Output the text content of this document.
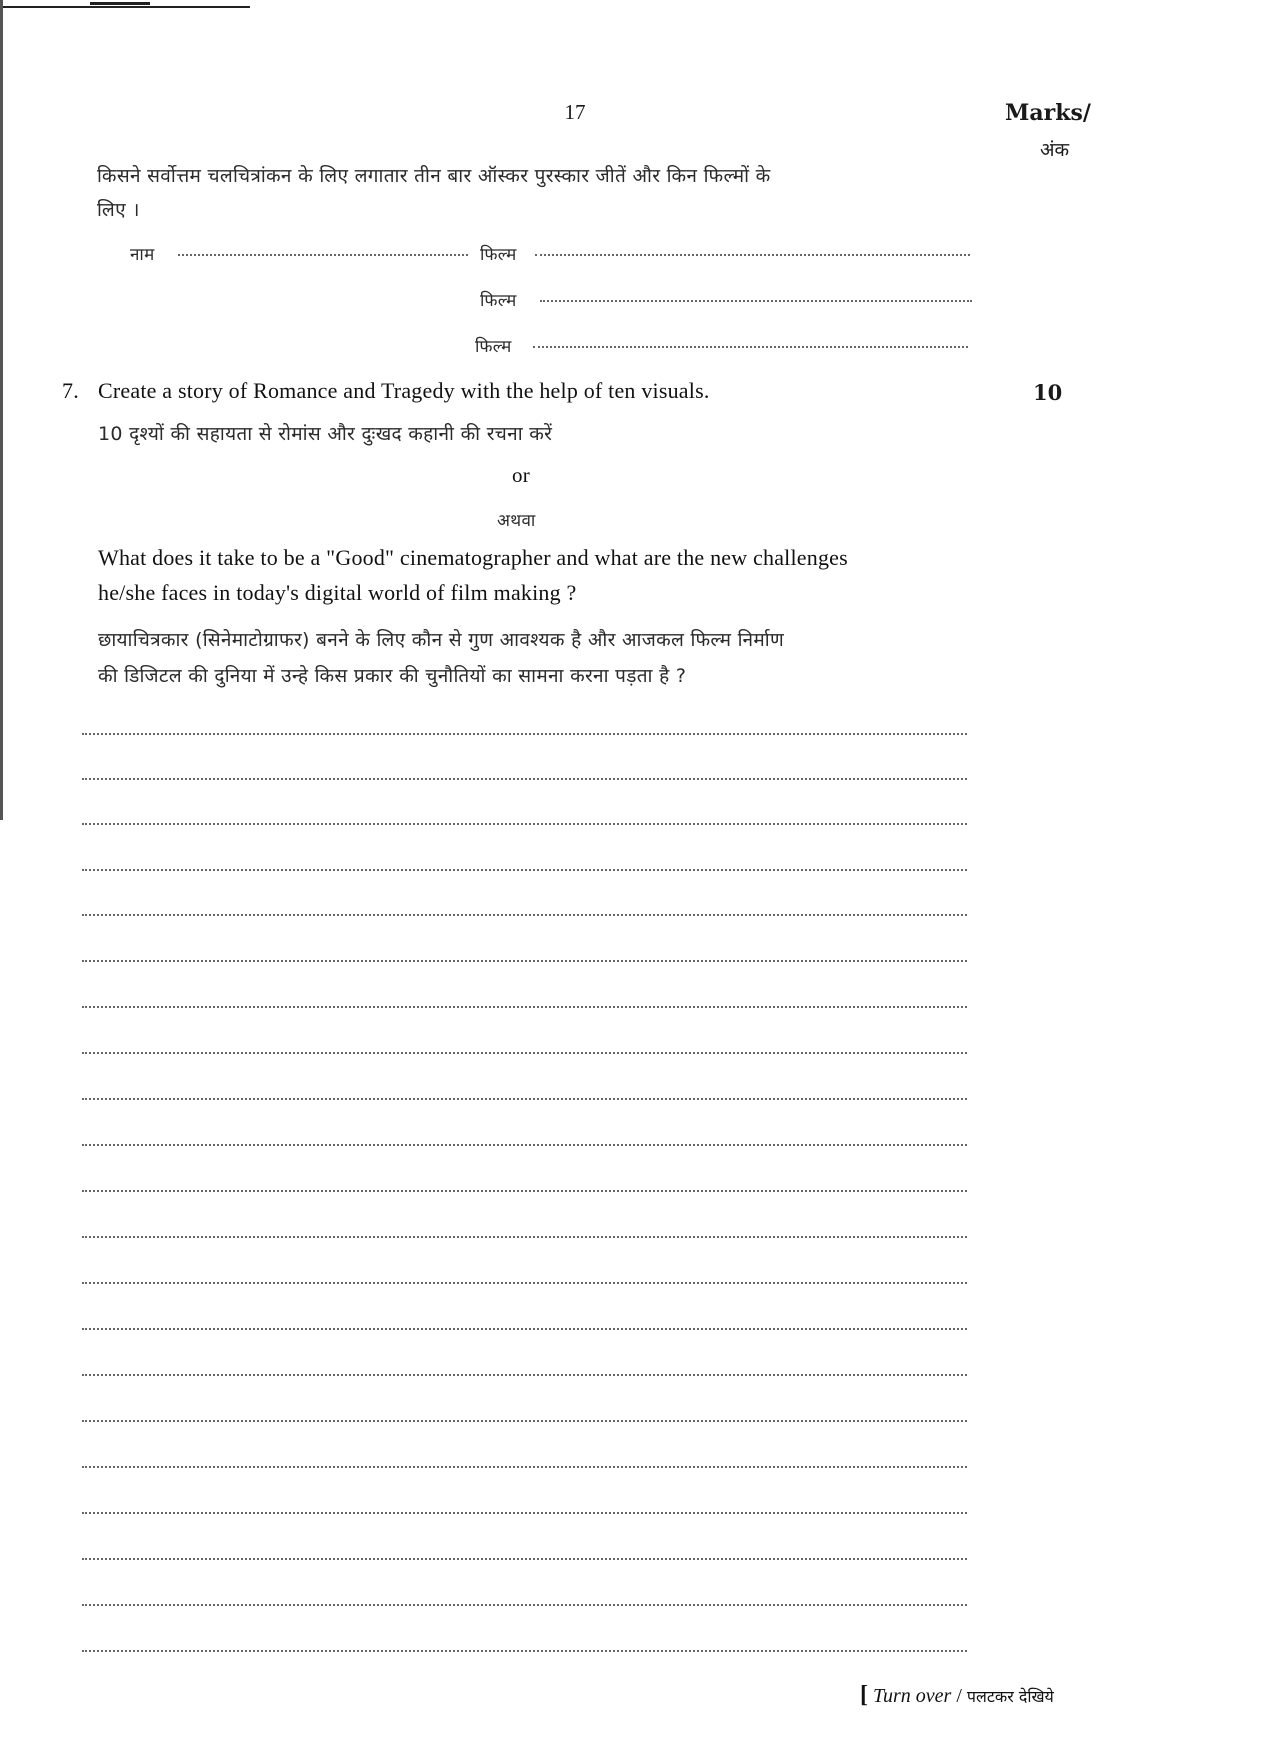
17	Marks/
अंक
किसने सर्वोत्तम चलचित्रांकन के लिए लगातार तीन बार ऑस्कर पुरस्कार जीतें और किन फिल्मों के
लिए ।
नाम	फिल्म
फिल्म
फिल्म
7. Create a story of Romance and Tragedy with the help of ten visuals.	10
10 दृश्यों की सहायता से रोमांस और दुःखद कहानी की रचना करें
or
अथवा
What does it take to be a "Good" cinematographer and what are the new challenges
he/she faces in today's digital world of film making ?
छायाचित्रकार (सिनेमाटोग्राफर) बनने के लिए कौन से गुण आवश्यक है और आजकल फिल्म निर्माण
की डिजिटल की दुनिया में उन्हे किस प्रकार की चुनौतियों का सामना करना पड़ता है ?
[ Turn over / पलटकर देखिये
